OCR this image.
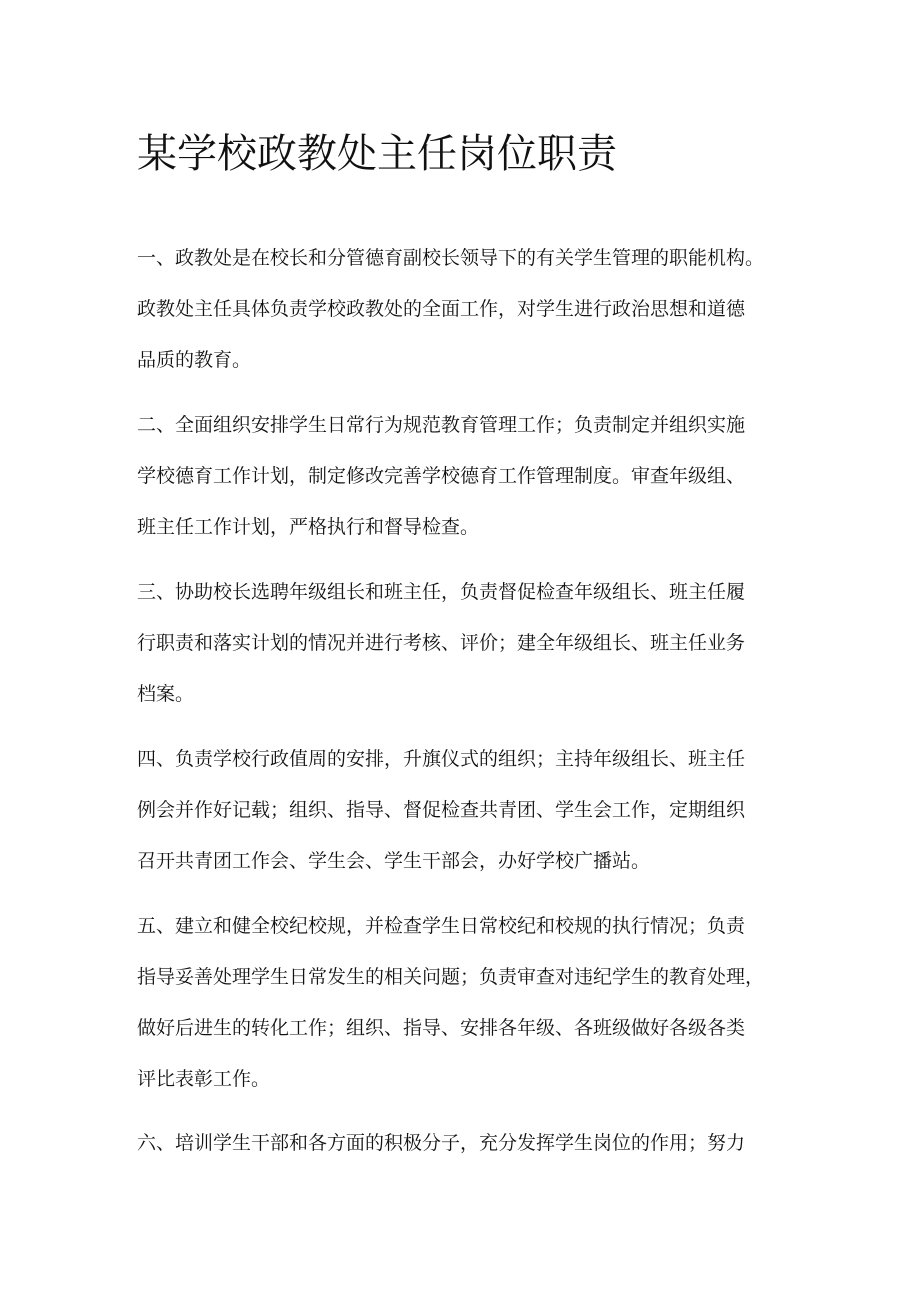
某学校政教处主任岗位职责
一、政教处是在校长和分管德育副校长领导下的有关学生管理的职能机构。
政教处主任具体负责学校政教处的全面工作，对学生进行政治思想和道德
品质的教育。
二、全面组织安排学生日常行为规范教育管理工作；负责制定并组织实施
学校德育工作计划，制定修改完善学校德育工作管理制度。审查年级组、
班主任工作计划，严格执行和督导检查。
三、协助校长选聘年级组长和班主任，负责督促检查年级组长、班主任履
行职责和落实计划的情况并进行考核、评价；建全年级组长、班主任业务
档案。
四、负责学校行政值周的安排，升旗仪式的组织；主持年级组长、班主任
例会并作好记载；组织、指导、督促检查共青团、学生会工作，定期组织
召开共青团工作会、学生会、学生干部会，办好学校广播站。
五、建立和健全校纪校规，并检查学生日常校纪和校规的执行情况；负责
指导妥善处理学生日常发生的相关问题；负责审查对违纪学生的教育处理，
做好后进生的转化工作；组织、指导、安排各年级、各班级做好各级各类
评比表彰工作。
六、培训学生干部和各方面的积极分子，充分发挥学生岗位的作用；努力
